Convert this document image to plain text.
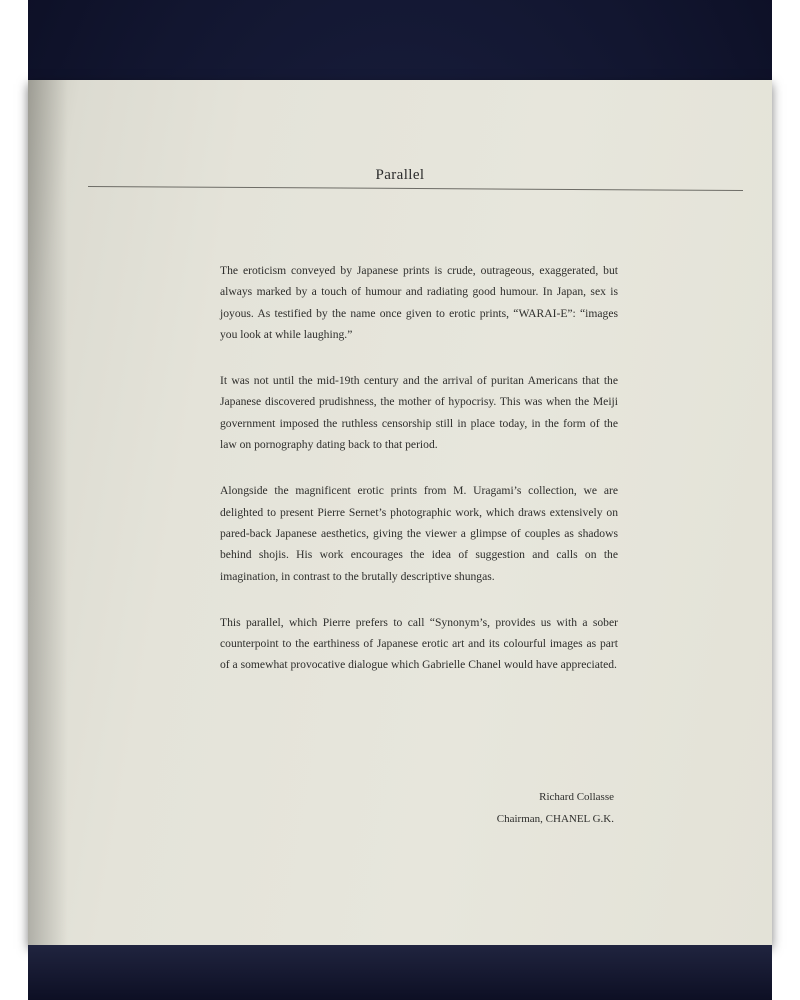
Parallel

The eroticism conveyed by Japanese prints is crude, outrageous, exaggerated, but always marked by a touch of humour and radiating good humour. In Japan, sex is joyous. As testified by the name once given to erotic prints, “WARAI-E”: “images you look at while laughing.”

It was not until the mid-19th century and the arrival of puritan Americans that the Japanese discovered prudishness, the mother of hypocrisy. This was when the Meiji government imposed the ruthless censorship still in place today, in the form of the law on pornography dating back to that period.

Alongside the magnificent erotic prints from M. Uragami’s collection, we are delighted to present Pierre Sernet’s photographic work, which draws extensively on pared-back Japanese aesthetics, giving the viewer a glimpse of couples as shadows behind shojis. His work encourages the idea of suggestion and calls on the imagination, in contrast to the brutally descriptive shungas.

This parallel, which Pierre prefers to call “Synonym’s, provides us with a sober counterpoint to the earthiness of Japanese erotic art and its colourful images as part of a somewhat provocative dialogue which Gabrielle Chanel would have appreciated.

Richard Collasse
Chairman, CHANEL G.K.
